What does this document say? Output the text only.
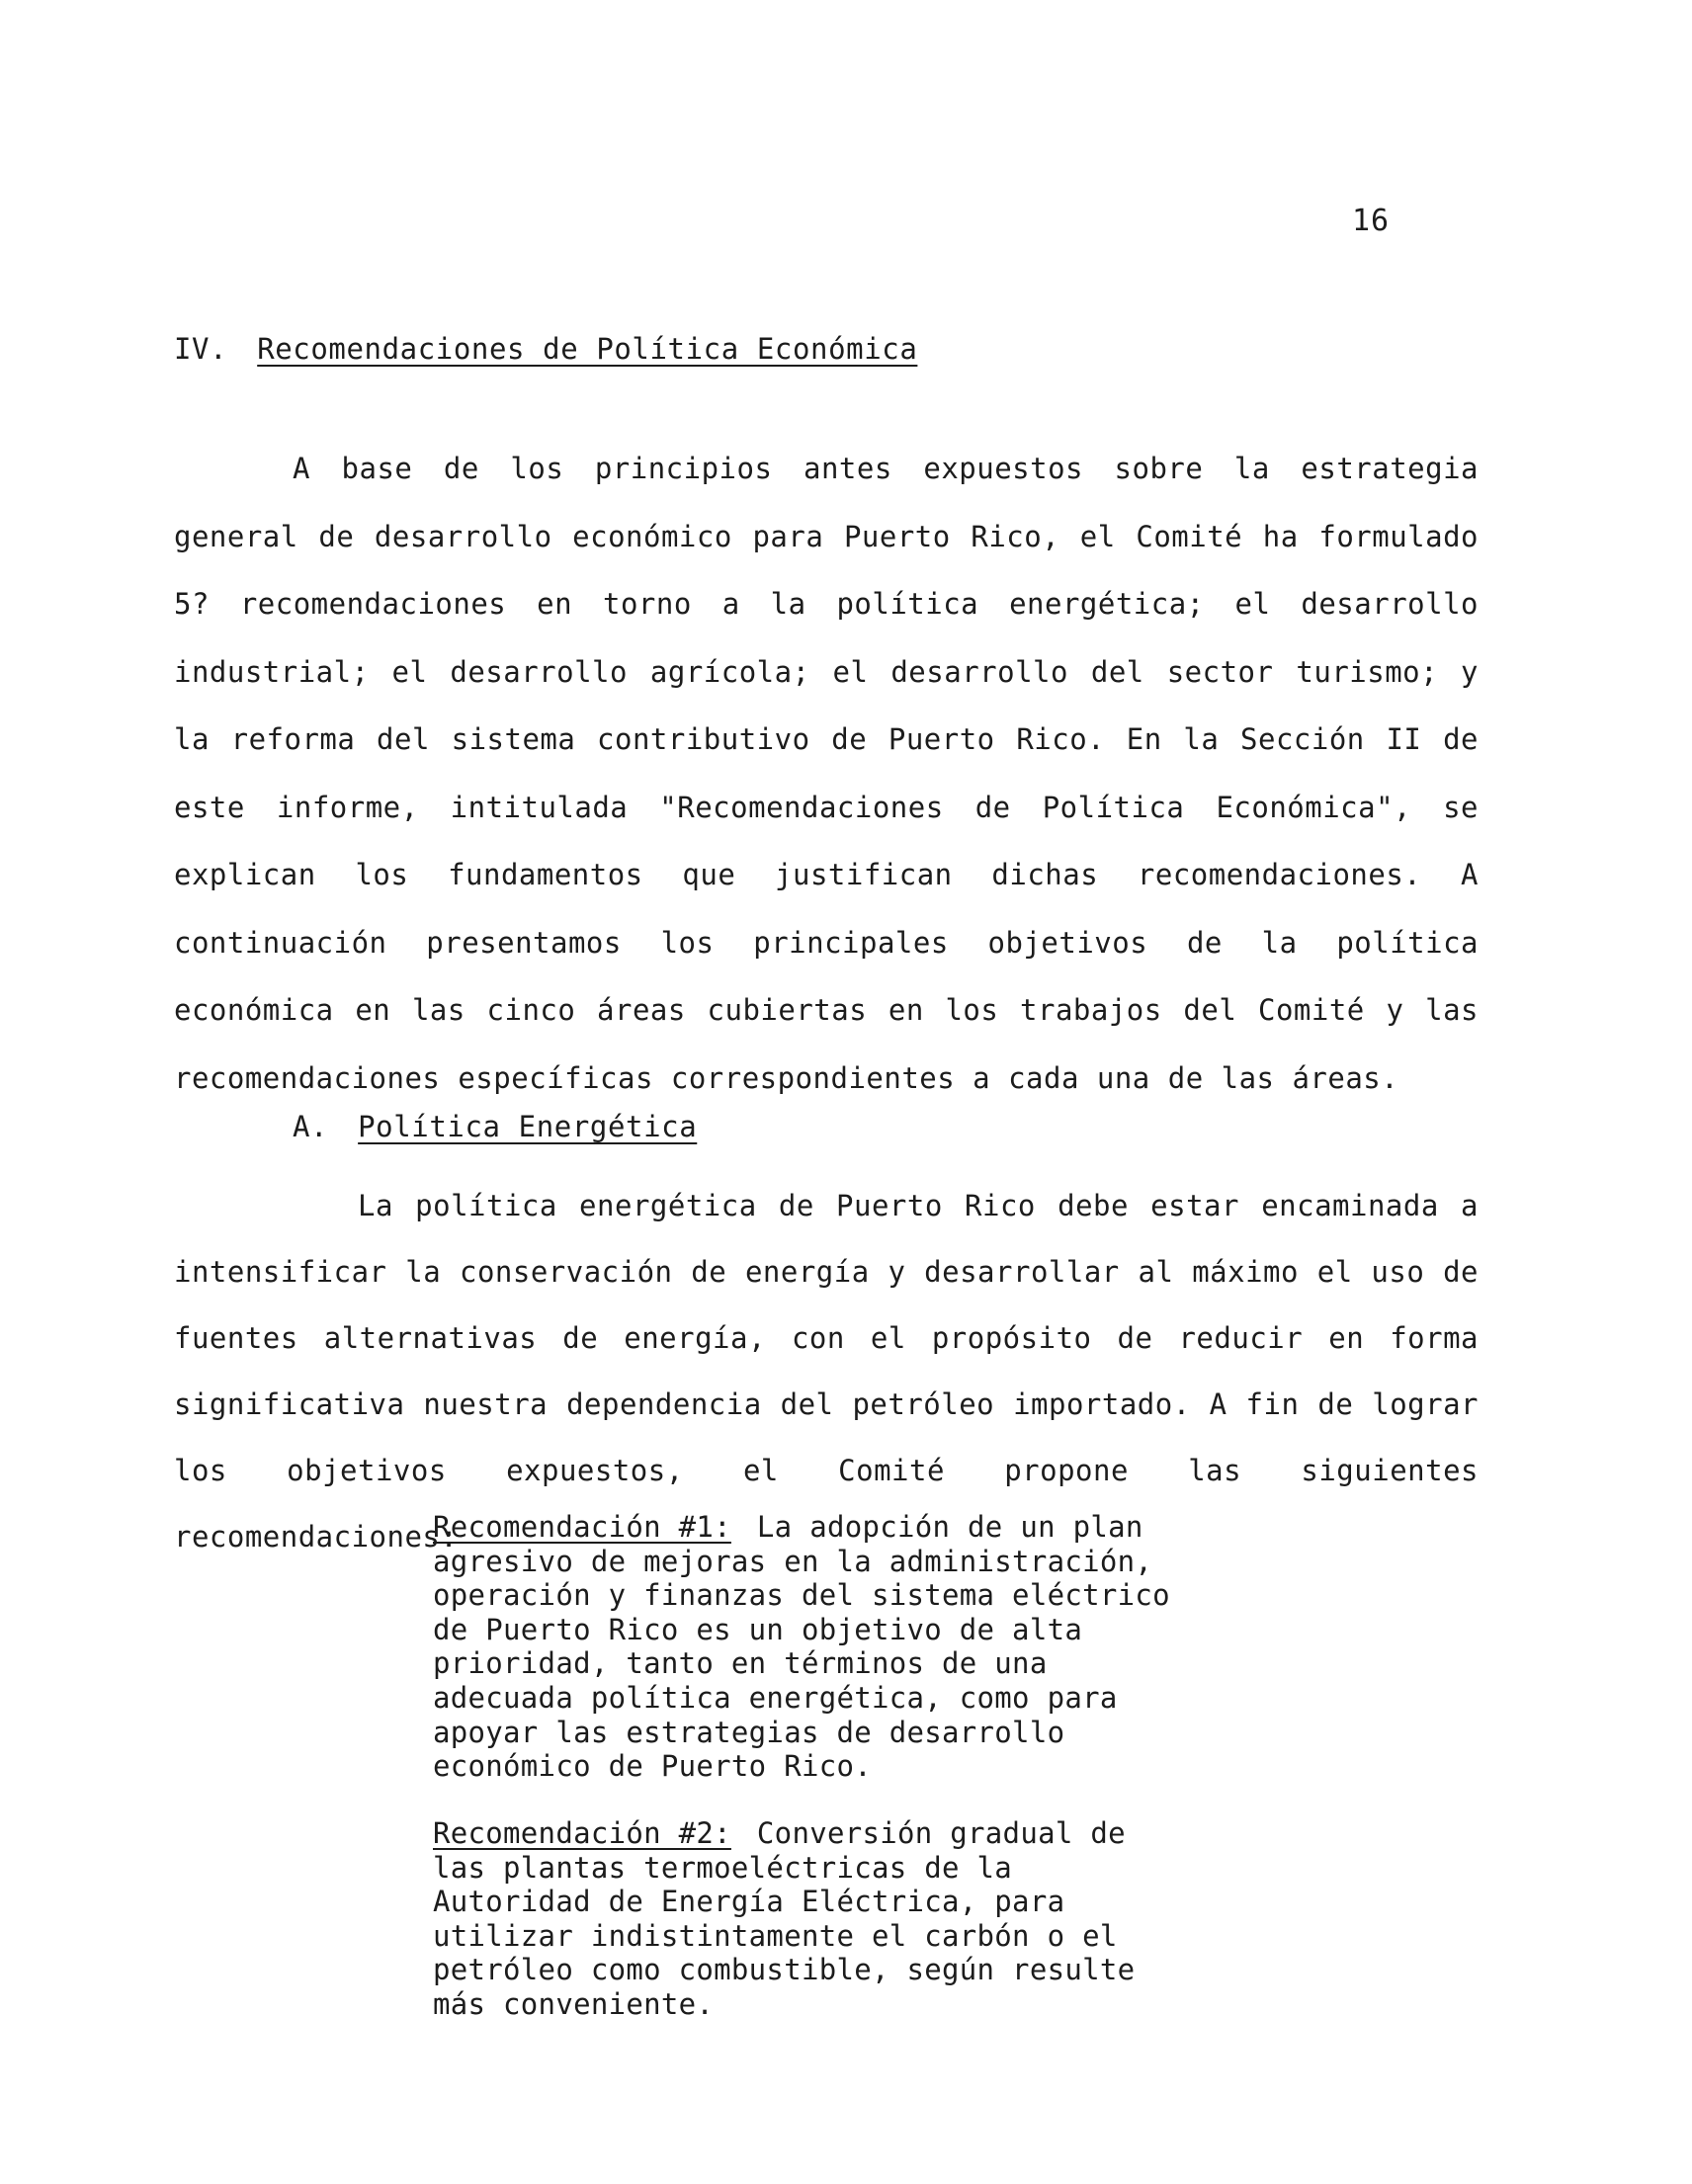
16
IV. Recomendaciones de Política Económica

A base de los principios antes expuestos sobre la estrategia general de desarrollo económico para Puerto Rico, el Comité ha formulado 5? recomendaciones en torno a la política energética; el desarrollo industrial; el desarrollo agrícola; el desarrollo del sector turismo; y la reforma del sistema contributivo de Puerto Rico. En la Sección II de este informe, intitulada "Recomendaciones de Política Económica", se explican los fundamentos que justifican dichas recomendaciones. A continuación presentamos los principales objetivos de la política económica en las cinco áreas cubiertas en los trabajos del Comité y las recomendaciones específicas correspondientes a cada una de las áreas.

A. Política Energética

La política energética de Puerto Rico debe estar encaminada a intensificar la conservación de energía y desarrollar al máximo el uso de fuentes alternativas de energía, con el propósito de reducir en forma significativa nuestra dependencia del petróleo importado. A fin de lograr los objetivos expuestos, el Comité propone las siguientes recomendaciones:

Recomendación #1: La adopción de un plan agresivo de mejoras en la administración, operación y finanzas del sistema eléctrico de Puerto Rico es un objetivo de alta prioridad, tanto en términos de una adecuada política energética, como para apoyar las estrategias de desarrollo económico de Puerto Rico.

Recomendación #2: Conversión gradual de las plantas termoeléctricas de la Autoridad de Energía Eléctrica, para utilizar indistintamente el carbón o el petróleo como combustible, según resulte más conveniente.
